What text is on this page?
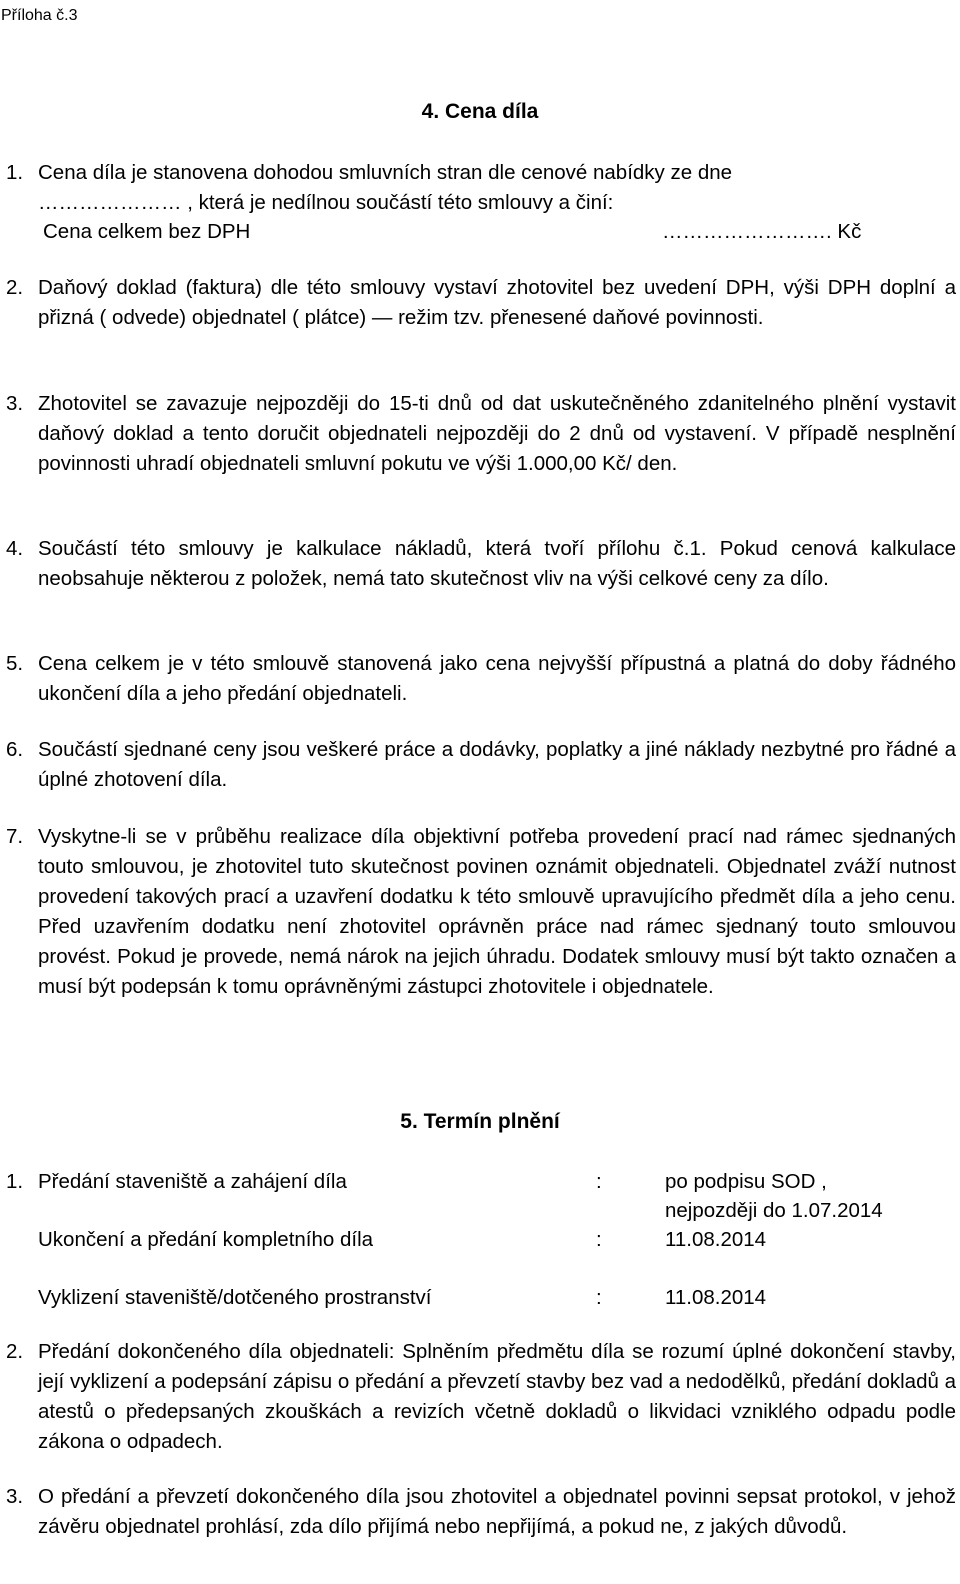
Příloha č.3
4. Cena díla
1. Cena díla je stanovena dohodou smluvních stran dle cenové nabídky ze dne
………………… , která je nedílnou součástí této smlouvy a činí:
Cena celkem bez DPH	……………………. Kč
2. Daňový doklad (faktura) dle této smlouvy vystaví zhotovitel bez uvedení DPH, výši DPH doplní a přizná ( odvede) objednatel ( plátce) — režim tzv. přenesené daňové povinnosti.
3. Zhotovitel se zavazuje nejpozději do 15-ti dnů od dat uskutečněného zdanitelného plnění vystavit daňový doklad a tento doručit objednateli nejpozději do 2 dnů od vystavení. V případě nesplnění povinnosti uhradí objednateli smluvní pokutu ve výši 1.000,00 Kč/ den.
4. Součástí této smlouvy je kalkulace nákladů, která tvoří přílohu č.1. Pokud cenová kalkulace neobsahuje některou z položek, nemá tato skutečnost vliv na výši celkové ceny za dílo.
5. Cena celkem je v této smlouvě stanovená jako cena nejvyšší přípustná a platná do doby řádného ukončení díla a jeho předání objednateli.
6. Součástí sjednané ceny jsou veškeré práce a dodávky, poplatky a jiné náklady nezbytné pro řádné a úplné zhotovení díla.
7. Vyskytne-li se v průběhu realizace díla objektivní potřeba provedení prací nad rámec sjednaných touto smlouvou, je zhotovitel tuto skutečnost povinen oznámit objednateli. Objednatel zváží nutnost provedení takových prací a uzavření dodatku k této smlouvě upravujícího předmět díla a jeho cenu. Před uzavřením dodatku není zhotovitel oprávněn práce nad rámec sjednaný touto smlouvou provést. Pokud je provede, nemá nárok na jejich úhradu. Dodatek smlouvy musí být takto označen a musí být podepsán k tomu oprávněnými zástupci zhotovitele i objednatele.
5. Termín plnění
1. Předání staveniště a zahájení díla	:	po podpisu SOD ,
nejpozději do 1.07.2014
Ukončení a předání kompletního díla	:	11.08.2014
Vyklizení staveniště/dotčeného prostranství	:	11.08.2014
2. Předání dokončeného díla objednateli: Splněním předmětu díla se rozumí úplné dokončení stavby, její vyklizení a podepsání zápisu o předání a převzetí stavby bez vad a nedodělků, předání dokladů a atestů o předepsaných zkouškách a revizích včetně dokladů o likvidaci vzniklého odpadu podle zákona o odpadech.
3. O předání a převzetí dokončeného díla jsou zhotovitel a objednatel povinni sepsat protokol, v jehož závěru objednatel prohlásí, zda dílo přijímá nebo nepřijímá, a pokud ne, z jakých důvodů.
